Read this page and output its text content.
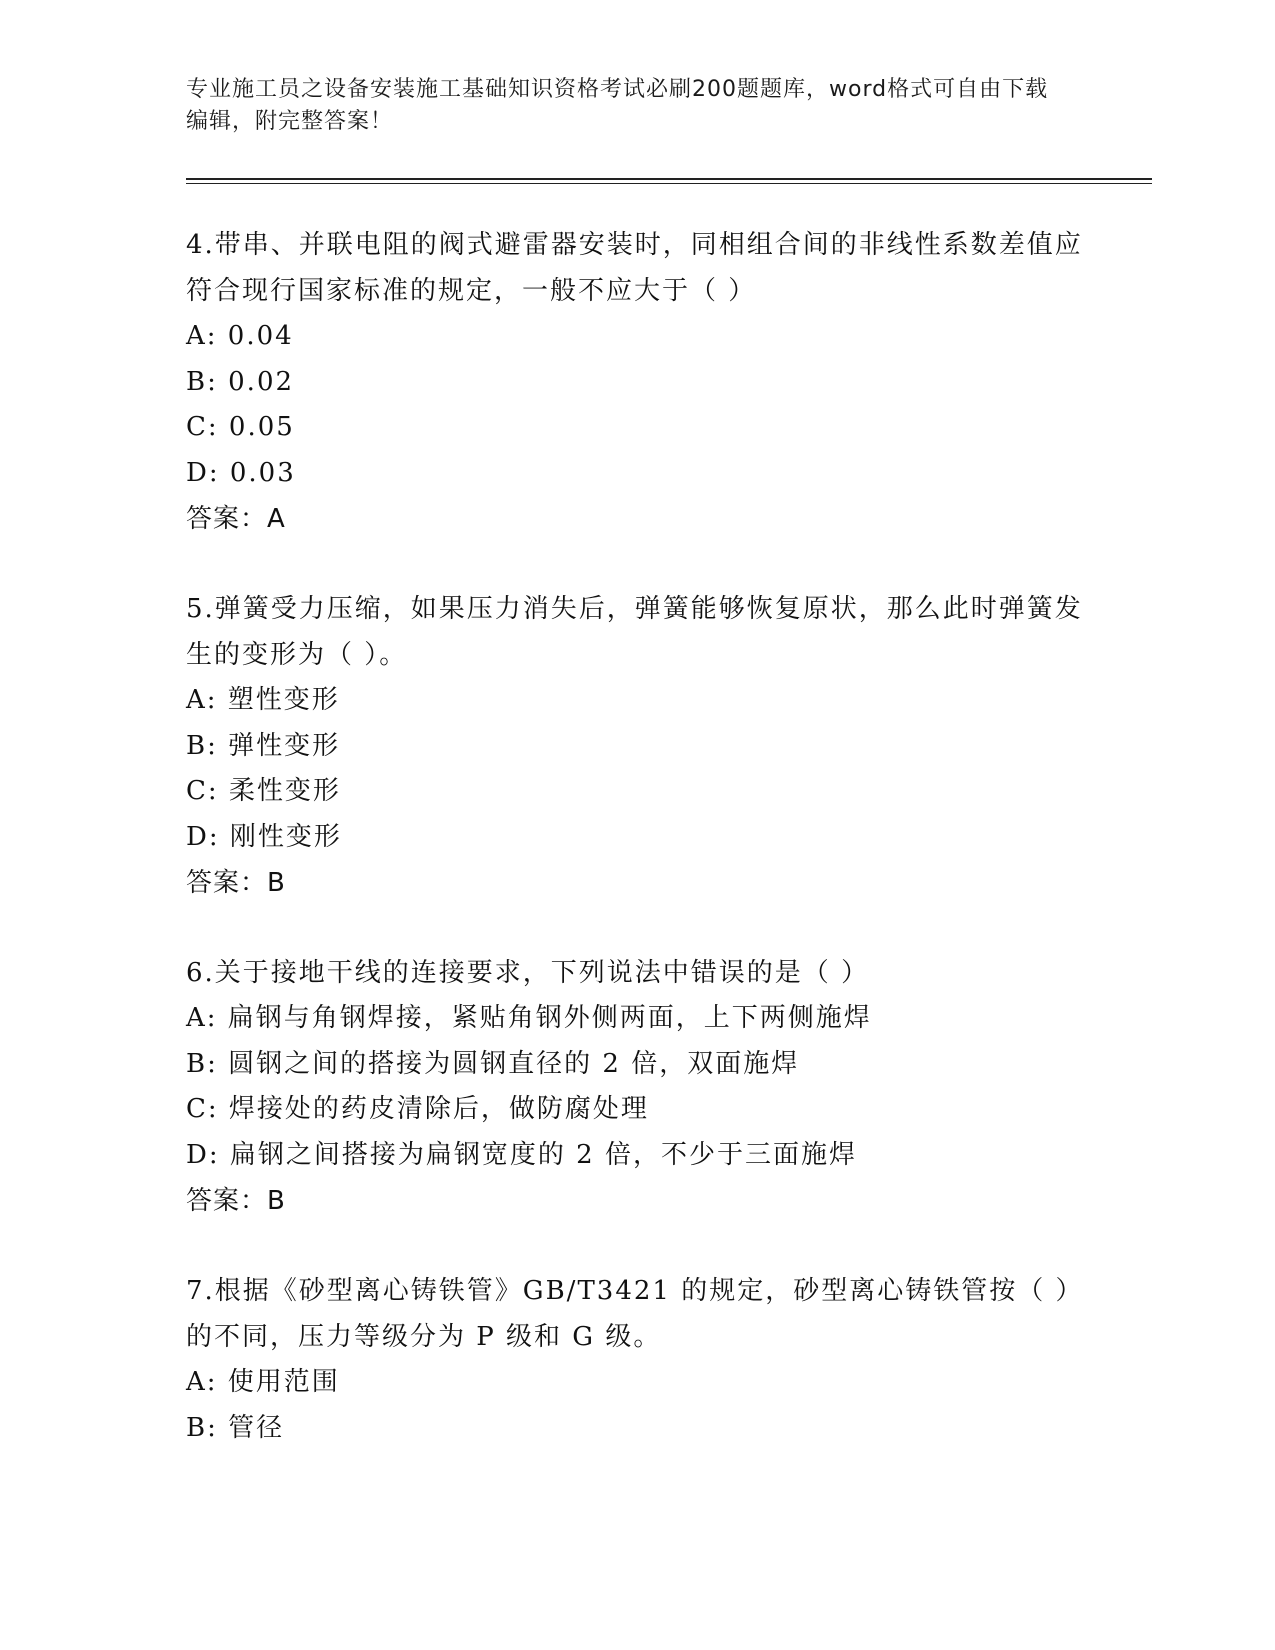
专业施工员之设备安装施工基础知识资格考试必刷200题题库，word格式可自由下载编辑，附完整答案！

4.带串、并联电阻的阀式避雷器安装时，同相组合间的非线性系数差值应符合现行国家标准的规定，一般不应大于（ ）

A: 0.04

B: 0.02

C: 0.05

D: 0.03

答案：A

5.弹簧受力压缩，如果压力消失后，弹簧能够恢复原状，那么此时弹簧发生的变形为（ ）。

A: 塑性变形

B: 弹性变形

C: 柔性变形

D: 刚性变形

答案：B

6.关于接地干线的连接要求，下列说法中错误的是（ ）

A: 扁钢与角钢焊接，紧贴角钢外侧两面，上下两侧施焊

B: 圆钢之间的搭接为圆钢直径的 2 倍，双面施焊

C: 焊接处的药皮清除后，做防腐处理

D: 扁钢之间搭接为扁钢宽度的 2 倍，不少于三面施焊

答案：B

7.根据《砂型离心铸铁管》GB/T3421 的规定，砂型离心铸铁管按（ ）的不同，压力等级分为 P 级和 G 级。

A: 使用范围

B: 管径
